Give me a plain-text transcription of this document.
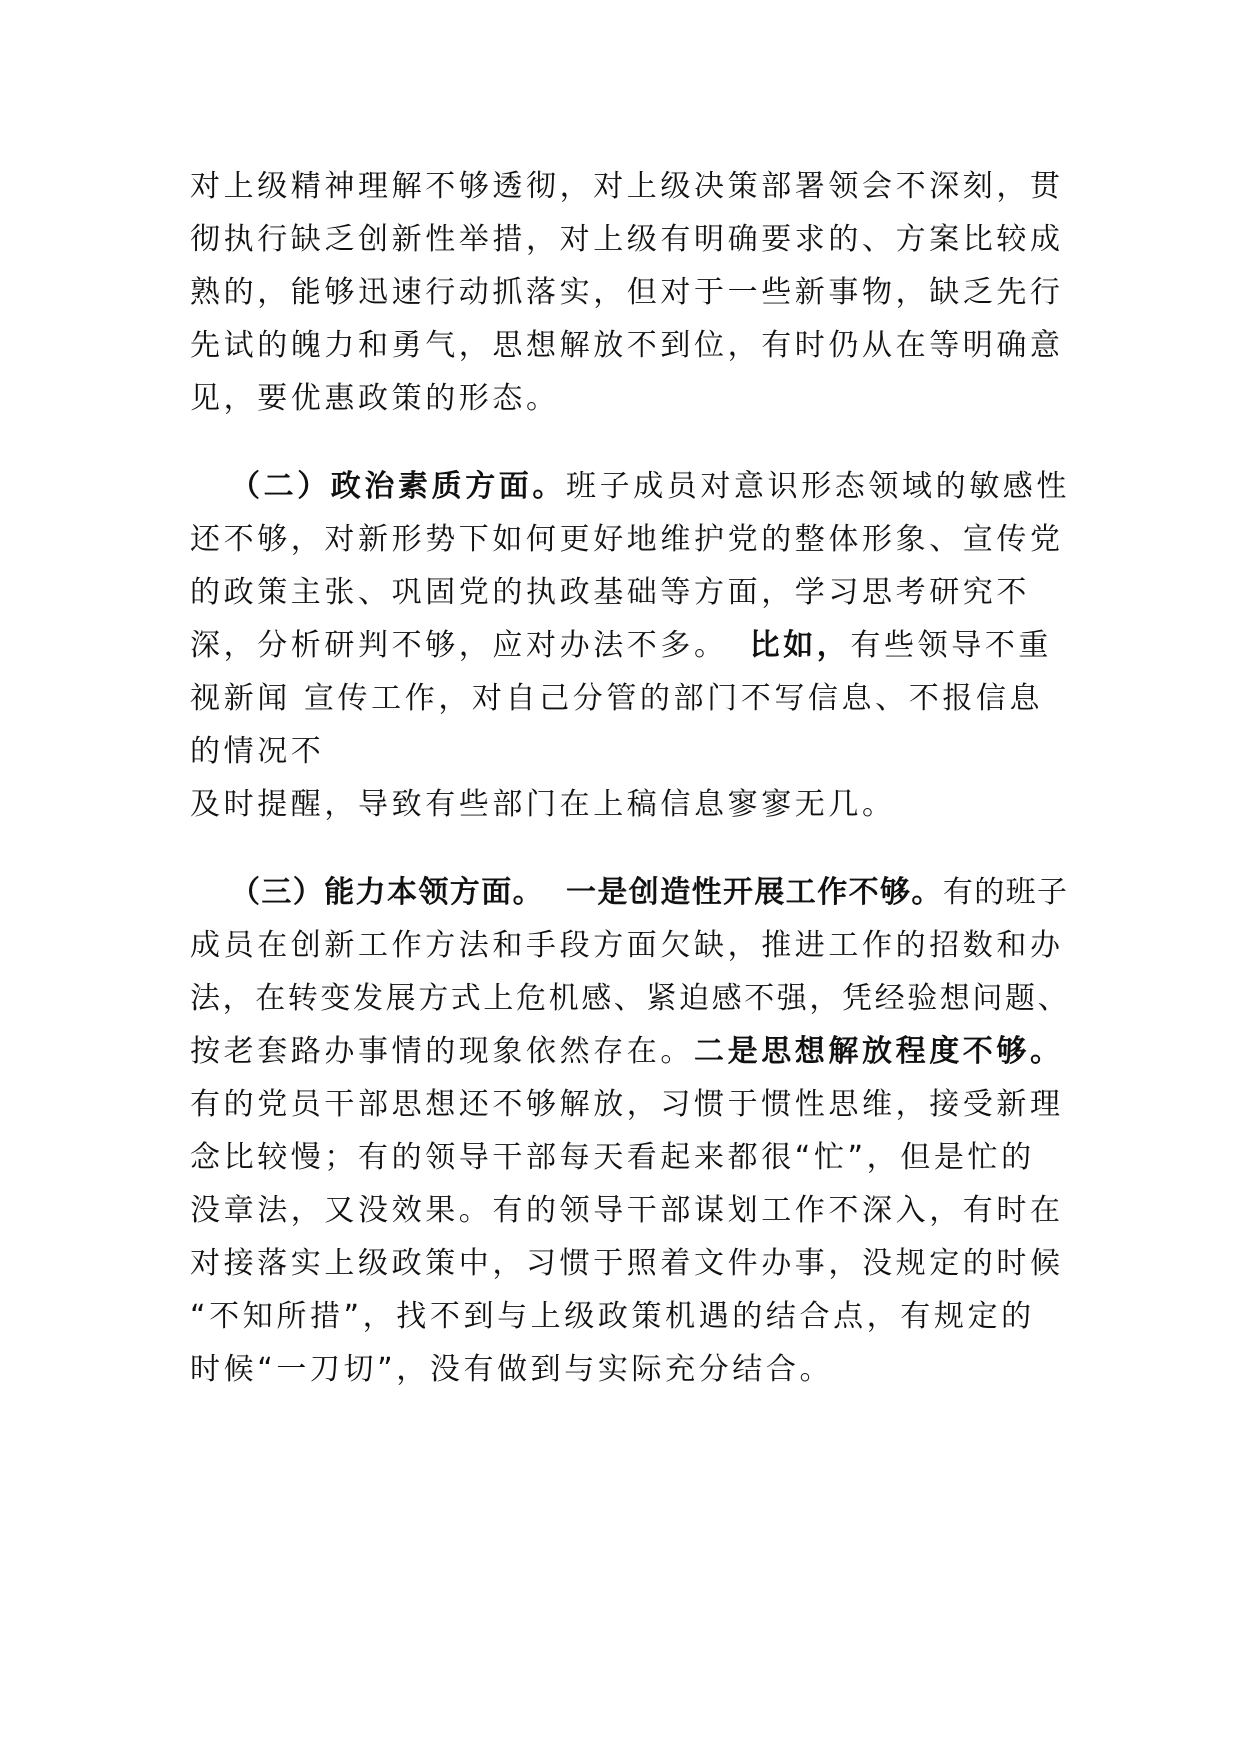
对上级精神理解不够透彻，对上级决策部署领会不深刻，贯
彻执行缺乏创新性举措，对上级有明确要求的、方案比较成
熟的，能够迅速行动抓落实，但对于一些新事物，缺乏先行
先试的魄力和勇气，思想解放不到位，有时仍从在等明确意
见，要优惠政策的形态。
（二）政治素质方面。班子成员对意识形态领域的敏感性
还不够，对新形势下如何更好地维护党的整体形象、宣传党
的政策主张、巩固党的执政基础等方面，学习思考研究不
深，分析研判不够，应对办法不多。 比如，有些领导不重
视新闻 宣传工作，对自己分管的部门不写信息、不报信息
的情况不
及时提醒，导致有些部门在上稿信息寥寥无几。
（三）能力本领方面。 一是创造性开展工作不够。有的班子
成员在创新工作方法和手段方面欠缺，推进工作的招数和办
法，在转变发展方式上危机感、紧迫感不强，凭经验想问题、
按老套路办事情的现象依然存在。二是思想解放程度不够。
有的党员干部思想还不够解放，习惯于惯性思维，接受新理
念比较慢；有的领导干部每天看起来都很“忙”，但是忙的
没章法，又没效果。有的领导干部谋划工作不深入，有时在
对接落实上级政策中，习惯于照着文件办事，没规定的时候
“不知所措”，找不到与上级政策机遇的结合点，有规定的
时候“一刀切”，没有做到与实际充分结合。
